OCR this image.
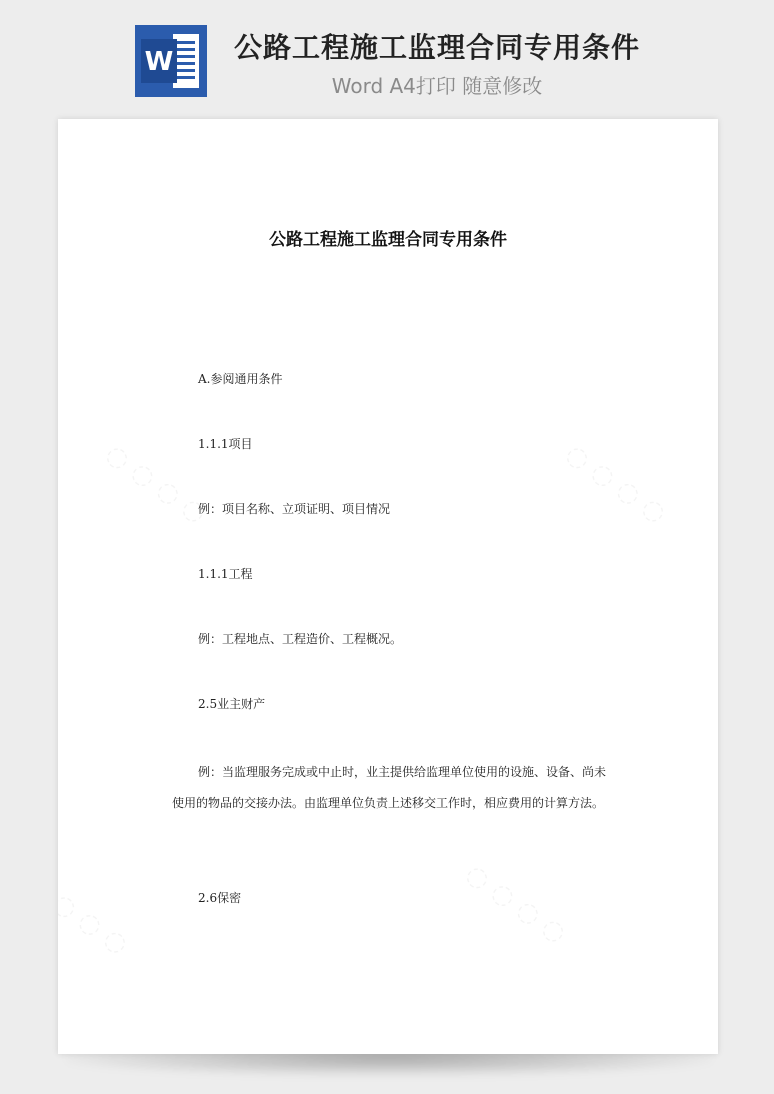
W	公路工程施工监理合同专用条件
Word A4打印 随意修改
公路工程施工监理合同专用条件
A.参阅通用条件
1.1.1项目
例：项目名称、立项证明、项目情况
1.1.1工程
例：工程地点、工程造价、工程概况。
2.5业主财产
例：当监理服务完成或中止时，业主提供给监理单位使用的设施、设备、尚未使用的物品的交接办法。由监理单位负责上述移交工作时，相应费用的计算方法。
2.6保密
